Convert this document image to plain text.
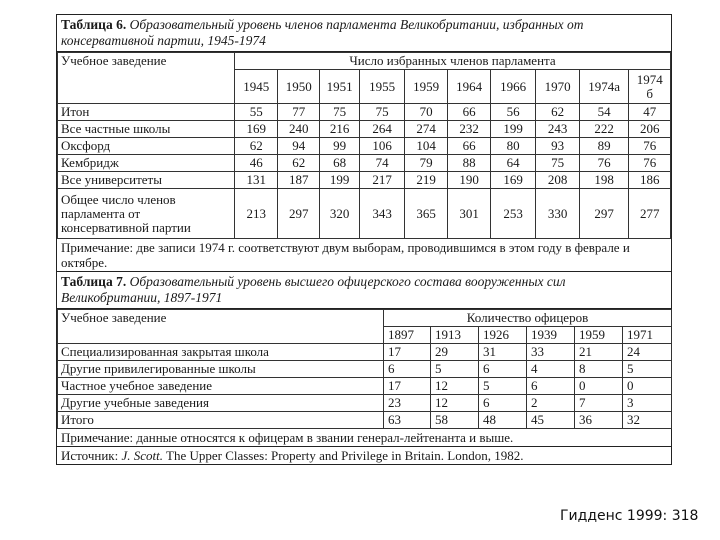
Таблица 6. Образовательный уровень членов парламента Великобритании, избранных от консервативной партии, 1945-1974
Учебное заведение	Число избранных членов парламента									
	1945	1950	1951	1955	1959	1964	1966	1970	1974a	1974 б
Итон	55	77	75	75	70	66	56	62	54	47
Все частные школы	169	240	216	264	274	232	199	243	222	206
Оксфорд	62	94	99	106	104	66	80	93	89	76
Кембридж	46	62	68	74	79	88	64	75	76	76
Все университеты	131	187	199	217	219	190	169	208	198	186
Общее число членов парламента от консервативной партии	213	297	320	343	365	301	253	330	297	277
Примечание: две записи 1974 г. соответствуют двум выборам, проводившимся в этом году в феврале и октябре.
Таблица 7. Образовательный уровень высшего офицерского состава вооруженных сил Великобритании, 1897-1971
Учебное заведение	Количество офицеров					
	1897	1913	1926	1939	1959	1971
Специализированная закрытая школа	17	29	31	33	21	24
Другие привилегированные школы	6	5	6	4	8	5
Частное учебное заведение	17	12	5	6	0	0
Другие учебные заведения	23	12	6	2	7	3
Итого	63	58	48	45	36	32
Примечание: данные относятся к офицерам в звании генерал-лейтенанта и выше.
Источник: J. Scott. The Upper Classes: Property and Privilege in Britain. London, 1982.
Гидденс 1999: 318
